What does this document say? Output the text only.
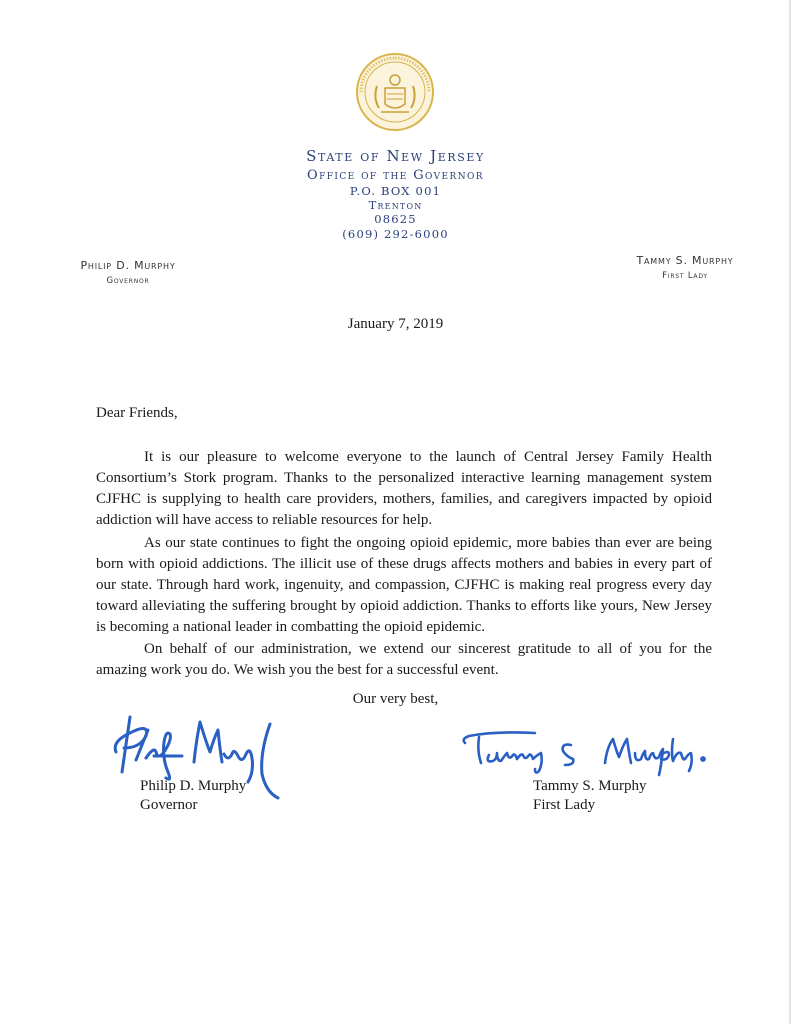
State of New Jersey
Office of the Governor
P.O. BOX 001
Trenton
08625
(609) 292-6000
Philip D. Murphy
Governor
Tammy S. Murphy
First Lady
January 7, 2019
Dear Friends,

It is our pleasure to welcome everyone to the launch of Central Jersey Family Health Consortium’s Stork program. Thanks to the personalized interactive learning management system CJFHC is supplying to health care providers, mothers, families, and caregivers impacted by opioid addiction will have access to reliable resources for help.

As our state continues to fight the ongoing opioid epidemic, more babies than ever are being born with opioid addictions. The illicit use of these drugs affects mothers and babies in every part of our state. Through hard work, ingenuity, and compassion, CJFHC is making real progress every day toward alleviating the suffering brought by opioid addiction. Thanks to efforts like yours, New Jersey is becoming a national leader in combatting the opioid epidemic.

On behalf of our administration, we extend our sincerest gratitude to all of you for the amazing work you do. We wish you the best for a successful event.

Our very best,
Philip D. Murphy
Governor
Tammy S. Murphy
First Lady
